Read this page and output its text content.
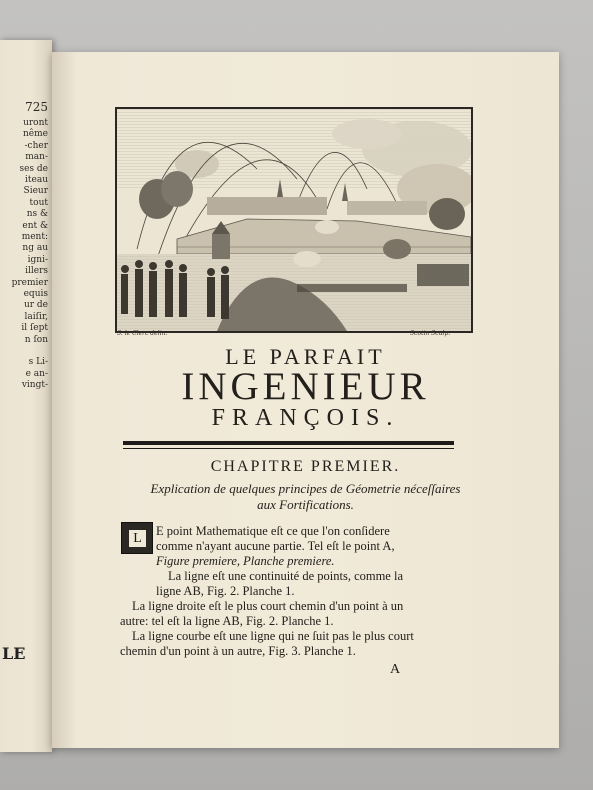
725
uront
nême
-cher
man-
ses de
iteau
Sieur
tout
ns &
ent &
ment:
ng au
igni-
illers
premier
equis
ur de
laiſir,
il ſept
n ſon
s Li-
e an-
vingt-
LE
S. le Clerc delin.	Scotin Sculp.
LE PARFAIT
INGENIEUR
FRANÇOIS.
CHAPITRE PREMIER.
Explication de quelques principes de Géometrie néceſſaires
aux Fortifications.
L	E point Mathematique eſt ce que l'on conſidere
comme n'ayant aucune partie. Tel eſt le point A,
Figure premiere, Planche premiere.
La ligne eſt une continuité de points, comme la
ligne AB, Fig. 2. Planche 1.
La ligne droite eſt le plus court chemin d'un point à un
autre: tel eſt la ligne AB, Fig. 2. Planche 1.
La ligne courbe eſt une ligne qui ne ſuit pas le plus court
chemin d'un point à un autre, Fig. 3. Planche 1.
A
